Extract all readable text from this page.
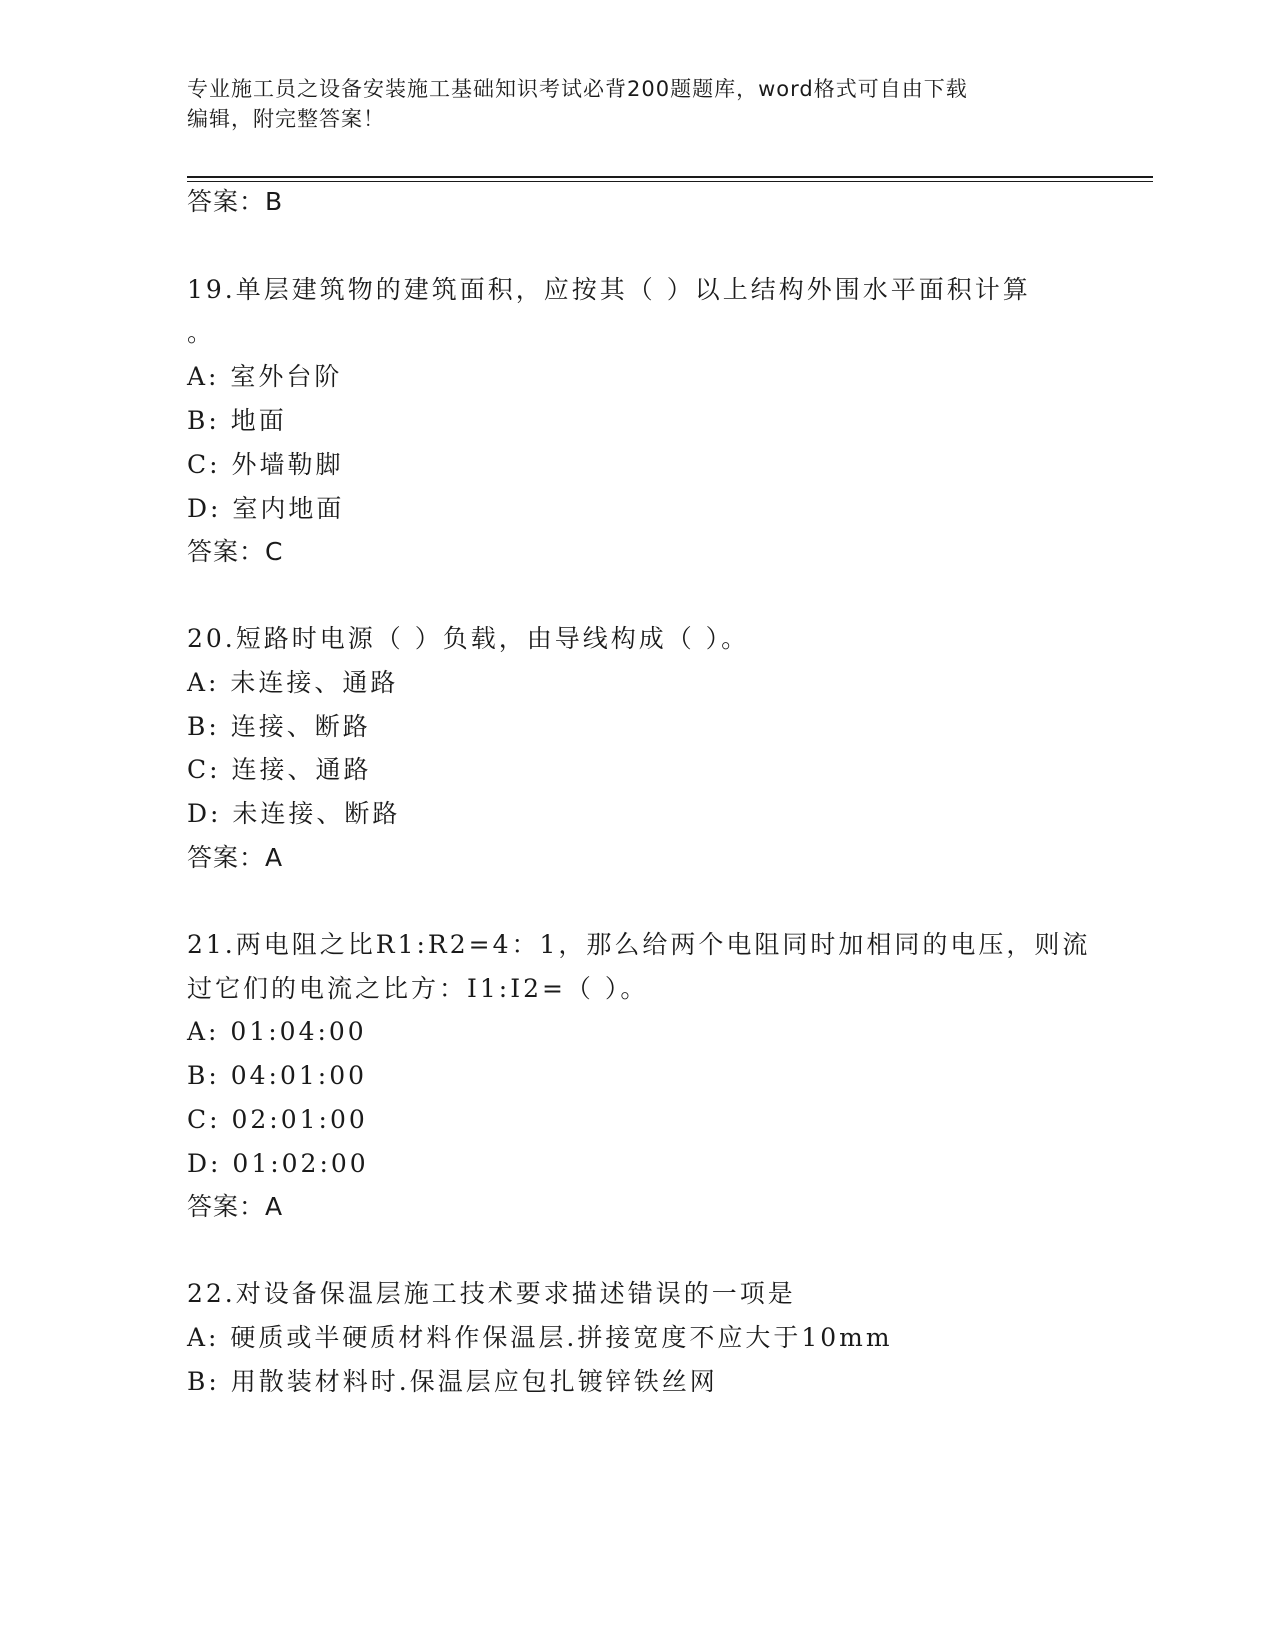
专业施工员之设备安装施工基础知识考试必背200题题库，word格式可自由下载
编辑，附完整答案！
答案：B
19.单层建筑物的建筑面积，应按其（ ）以上结构外围水平面积计算
。
A: 室外台阶
B: 地面
C: 外墙勒脚
D: 室内地面
答案：C
20.短路时电源（ ）负载，由导线构成（ ）。
A: 未连接、通路
B: 连接、断路
C: 连接、通路
D: 未连接、断路
答案：A
21.两电阻之比R1:R2=4：1，那么给两个电阻同时加相同的电压，则流
过它们的电流之比方：I1:I2=（ ）。
A: 01:04:00
B: 04:01:00
C: 02:01:00
D: 01:02:00
答案：A
22.对设备保温层施工技术要求描述错误的一项是
A: 硬质或半硬质材料作保温层.拼接宽度不应大于10mm
B: 用散装材料时.保温层应包扎镀锌铁丝网
